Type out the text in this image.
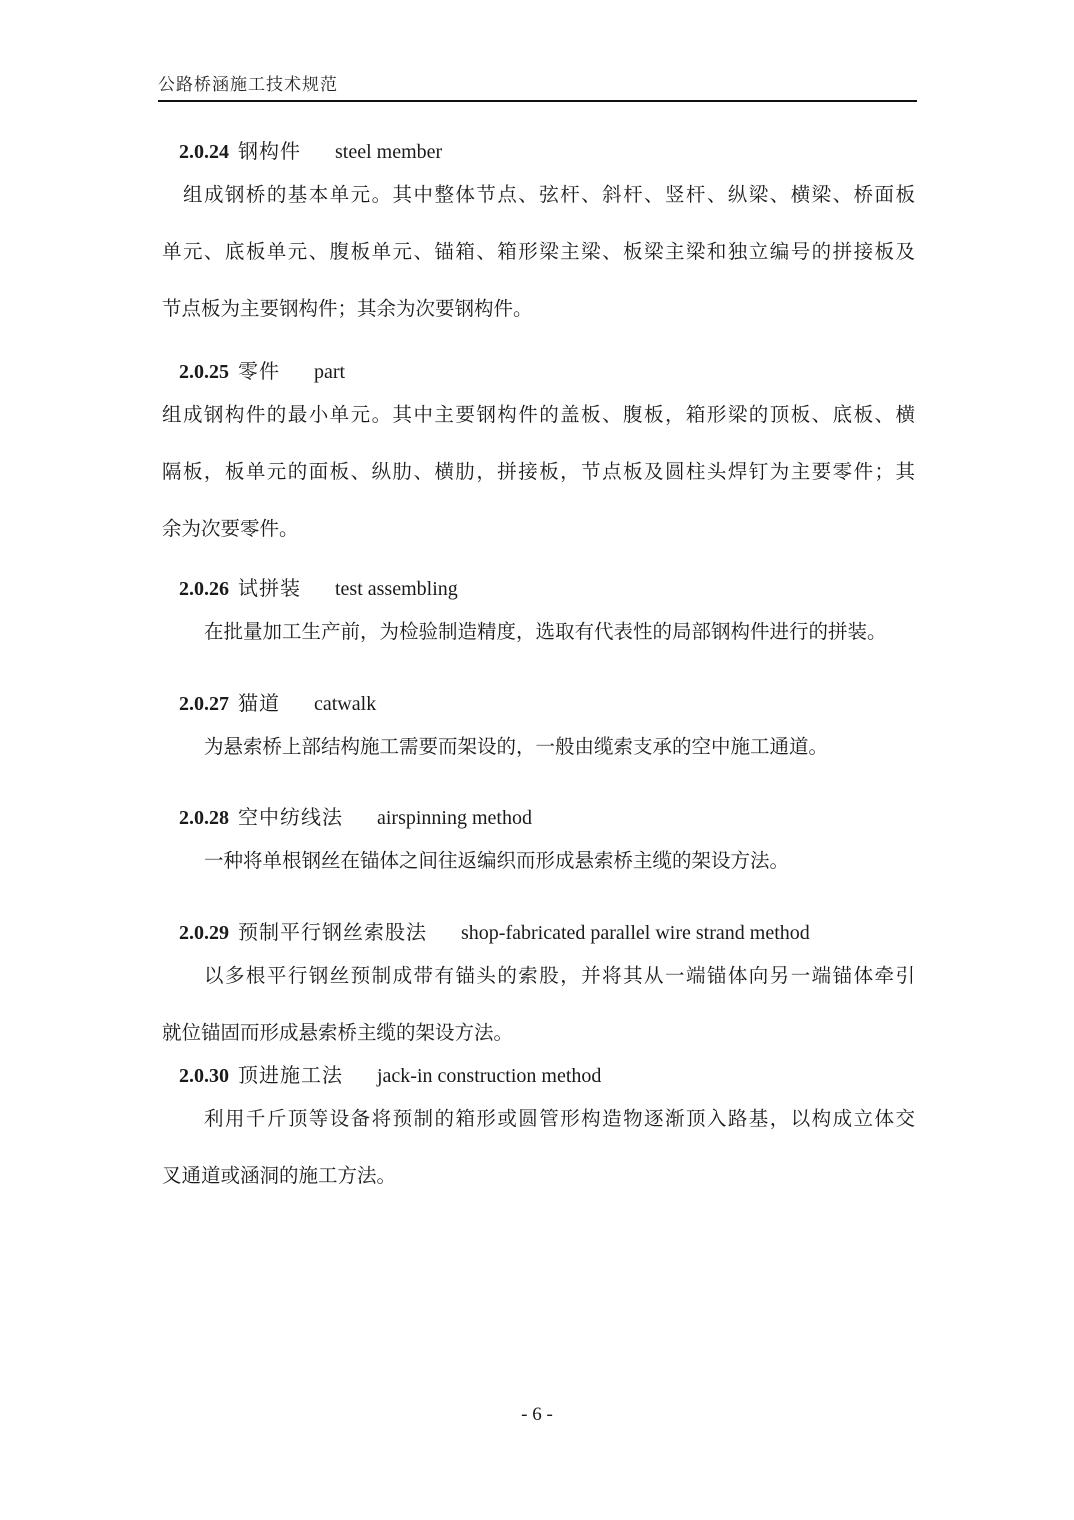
公路桥涵施工技术规范
2.0.24 钢构件 steel member
组成钢桥的基本单元。其中整体节点、弦杆、斜杆、竖杆、纵梁、横梁、桥面板
单元、底板单元、腹板单元、锚箱、箱形梁主梁、板梁主梁和独立编号的拼接板及
节点板为主要钢构件；其余为次要钢构件。
2.0.25 零件 part
组成钢构件的最小单元。其中主要钢构件的盖板、腹板，箱形梁的顶板、底板、横
隔板，板单元的面板、纵肋、横肋，拼接板，节点板及圆柱头焊钉为主要零件；其
余为次要零件。
2.0.26 试拼装 test assembling
在批量加工生产前，为检验制造精度，选取有代表性的局部钢构件进行的拼装。
2.0.27 猫道 catwalk
为悬索桥上部结构施工需要而架设的，一般由缆索支承的空中施工通道。
2.0.28 空中纺线法 airspinning method
一种将单根钢丝在锚体之间往返编织而形成悬索桥主缆的架设方法。
2.0.29 预制平行钢丝索股法 shop-fabricated parallel wire strand method
以多根平行钢丝预制成带有锚头的索股，并将其从一端锚体向另一端锚体牵引
就位锚固而形成悬索桥主缆的架设方法。
2.0.30 顶进施工法 jack-in construction method
利用千斤顶等设备将预制的箱形或圆管形构造物逐渐顶入路基，以构成立体交
叉通道或涵洞的施工方法。
- 6 -
